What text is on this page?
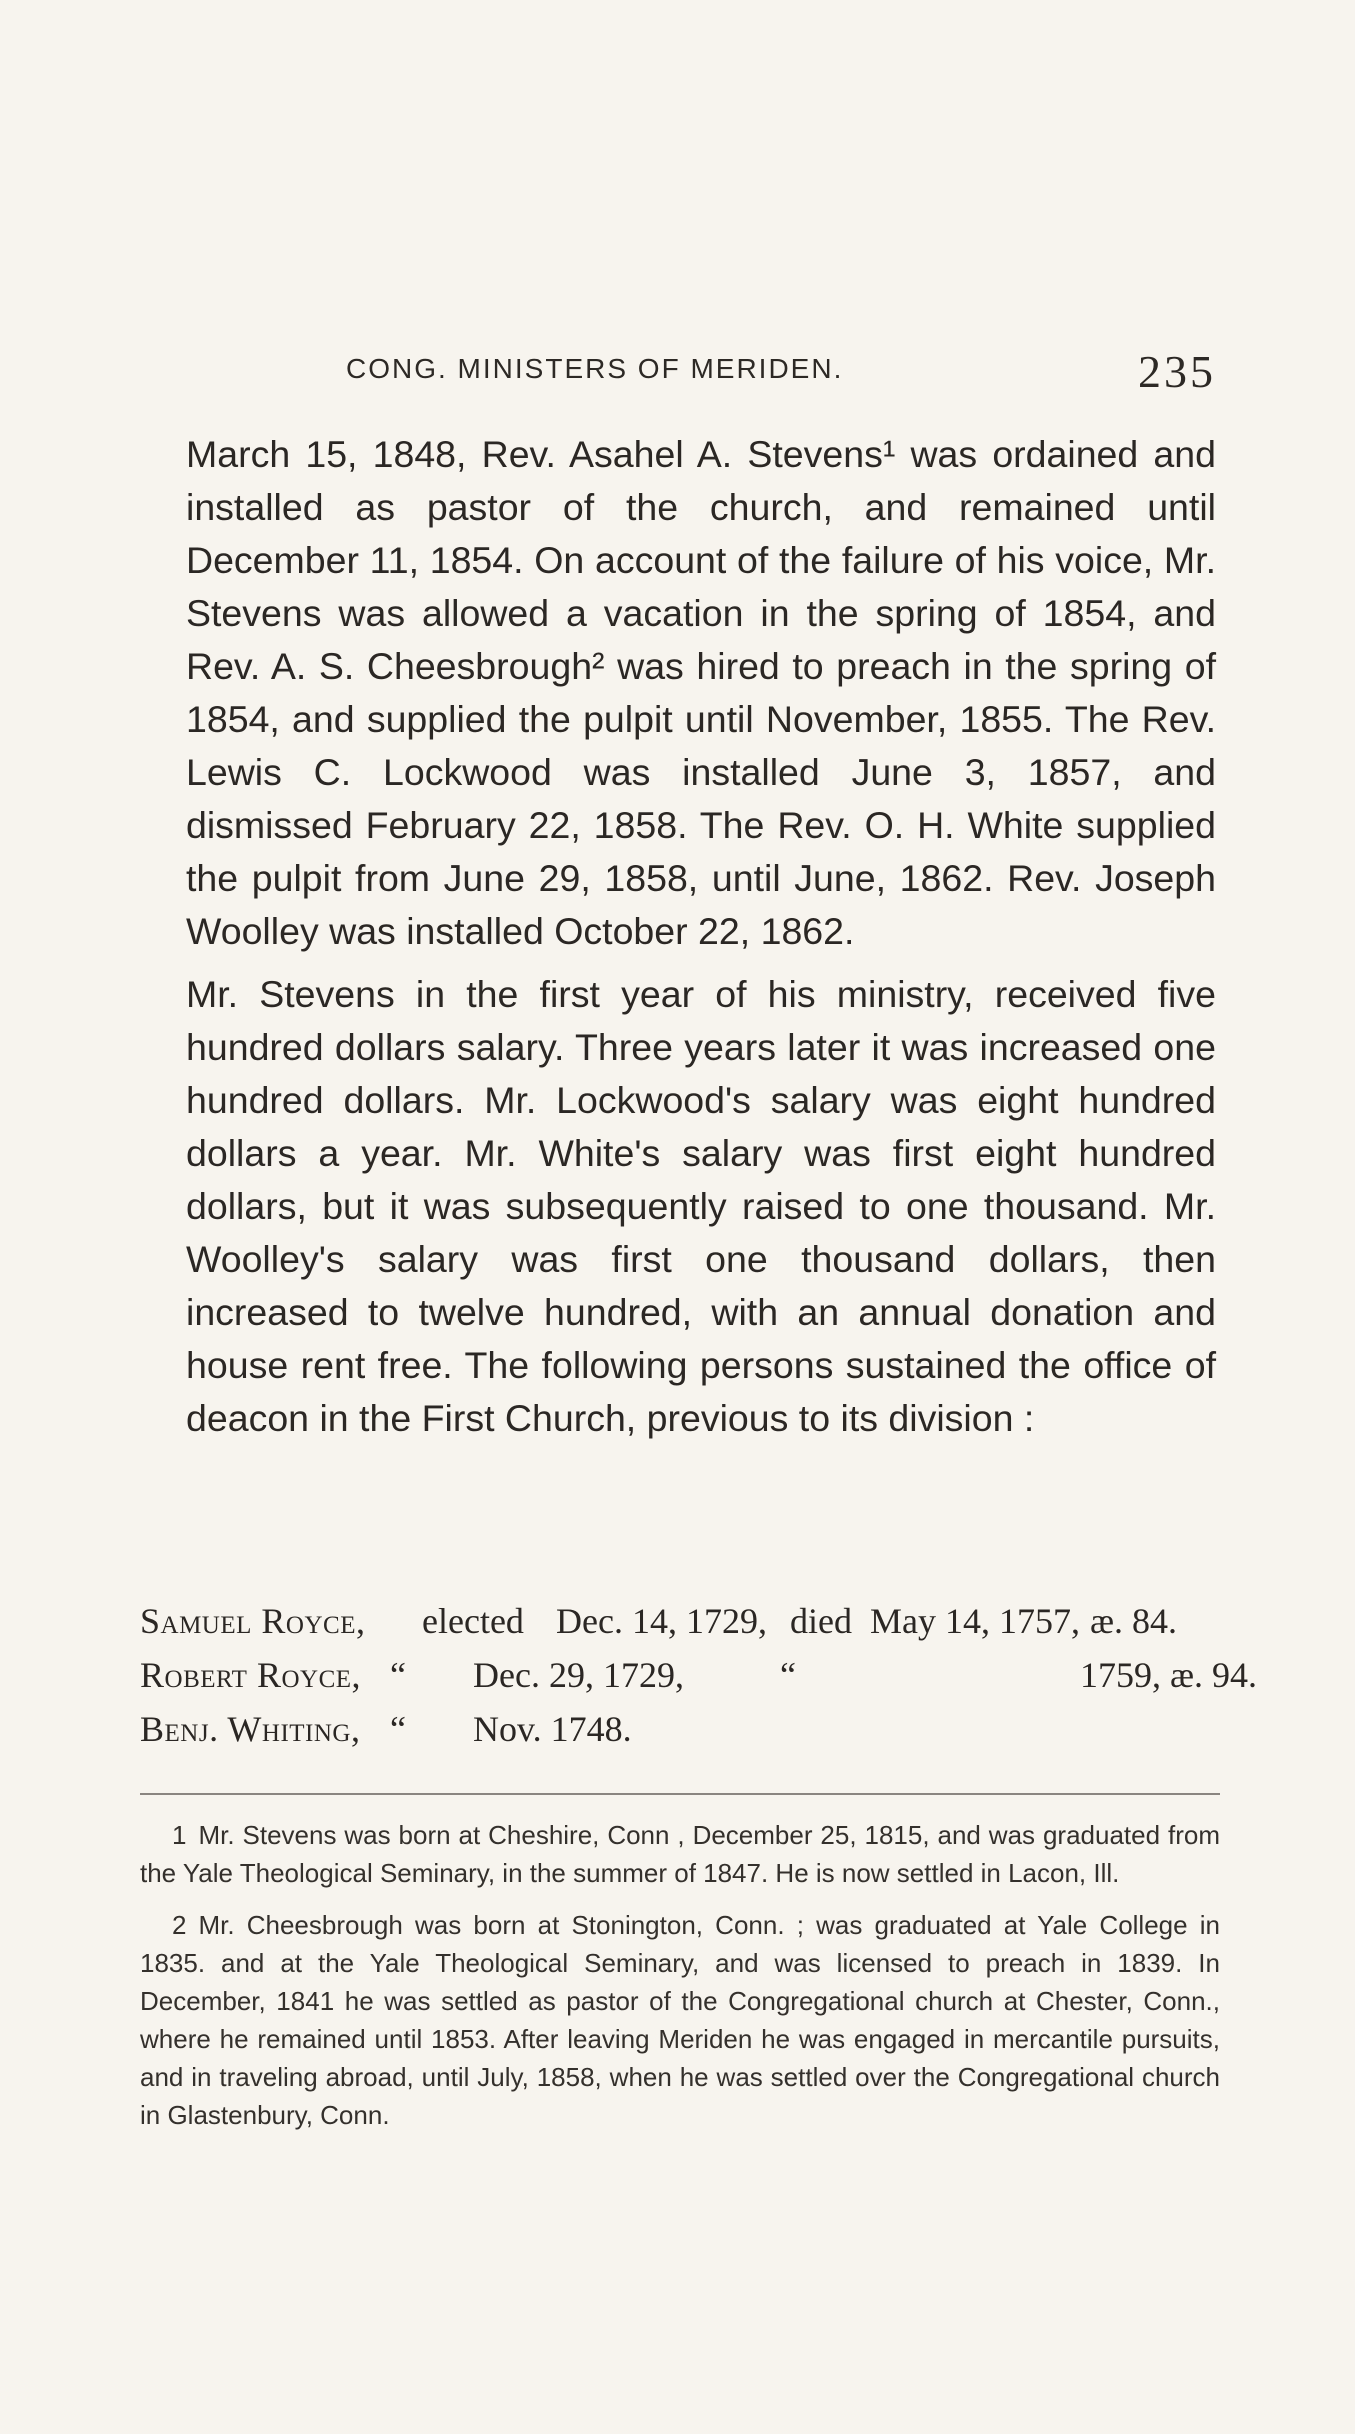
CONG. MINISTERS OF MERIDEN.	235

March 15, 1848, Rev. Asahel A. Stevens¹ was ordained and installed as pastor of the church, and remained until December 11, 1854. On account of the failure of his voice, Mr. Stevens was allowed a vacation in the spring of 1854, and Rev. A. S. Cheesbrough² was hired to preach in the spring of 1854, and supplied the pulpit until November, 1855. The Rev. Lewis C. Lockwood was installed June 3, 1857, and dismissed February 22, 1858. The Rev. O. H. White supplied the pulpit from June 29, 1858, until June, 1862. Rev. Joseph Woolley was installed October 22, 1862.

Mr. Stevens in the first year of his ministry, received five hundred dollars salary. Three years later it was increased one hundred dollars. Mr. Lockwood's salary was eight hundred dollars a year. Mr. White's salary was first eight hundred dollars, but it was subsequently raised to one thousand. Mr. Woolley's salary was first one thousand dollars, then increased to twelve hundred, with an annual donation and house rent free. The following persons sustained the office of deacon in the First Church, previous to its division :

Samuel Royce, elected Dec. 14, 1729, died May 14, 1757, æ. 84.
Robert Royce, “ Dec. 29, 1729,	“	1759, æ. 94.
Benj. Whiting, “ Nov. 1748.

1 Mr. Stevens was born at Cheshire, Conn , December 25, 1815, and was graduated from the Yale Theological Seminary, in the summer of 1847. He is now settled in Lacon, Ill.

2 Mr. Cheesbrough was born at Stonington, Conn. ; was graduated at Yale College in 1835. and at the Yale Theological Seminary, and was licensed to preach in 1839. In December, 1841 he was settled as pastor of the Congregational church at Chester, Conn., where he remained until 1853. After leaving Meriden he was engaged in mercantile pursuits, and in traveling abroad, until July, 1858, when he was settled over the Congregational church in Glastenbury, Conn.
